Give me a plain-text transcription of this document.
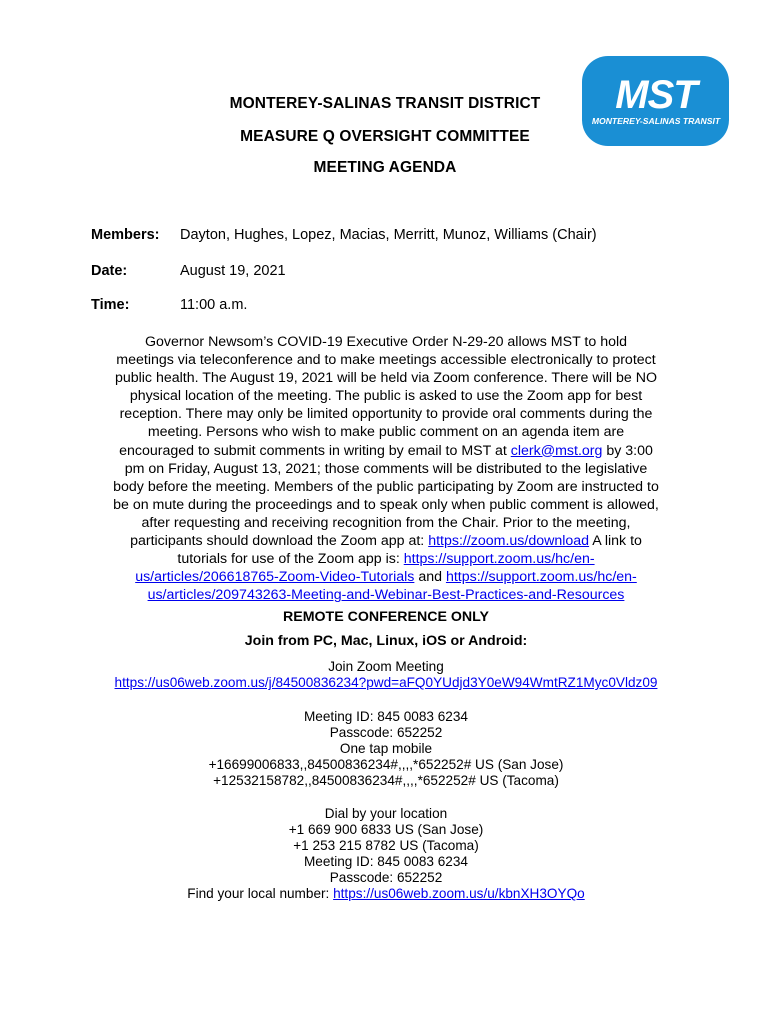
MST
MONTEREY-SALINAS TRANSIT
MONTEREY-SALINAS TRANSIT DISTRICT
MEASURE Q OVERSIGHT COMMITTEE
MEETING AGENDA
Members: Dayton, Hughes, Lopez, Macias, Merritt, Munoz, Williams (Chair)
Date:	August 19, 2021
Time:	11:00 a.m.

Governor Newsom’s COVID-19 Executive Order N-29-20 allows MST to hold

meetings via teleconference and to make meetings accessible electronically to protect

public health. The August 19, 2021 will be held via Zoom conference. There will be NO

physical location of the meeting. The public is asked to use the Zoom app for best

reception. There may only be limited opportunity to provide oral comments during the

meeting. Persons who wish to make public comment on an agenda item are

encouraged to submit comments in writing by email to MST at clerk@mst.org by 3:00

pm on Friday, August 13, 2021; those comments will be distributed to the legislative

body before the meeting. Members of the public participating by Zoom are instructed to

be on mute during the proceedings and to speak only when public comment is allowed,

after requesting and receiving recognition from the Chair. Prior to the meeting,

participants should download the Zoom app at: https://zoom.us/download A link to

tutorials for use of the Zoom app is: https://support.zoom.us/hc/en-

us/articles/206618765-Zoom-Video-Tutorials and https://support.zoom.us/hc/en-

us/articles/209743263-Meeting-and-Webinar-Best-Practices-and-Resources

REMOTE CONFERENCE ONLY
Join from PC, Mac, Linux, iOS or Android:

Join Zoom Meeting

https://us06web.zoom.us/j/84500836234?pwd=aFQ0YUdjd3Y0eW94WmtRZ1Myc0Vldz09

Meeting ID: 845 0083 6234

Passcode: 652252

One tap mobile

+16699006833,,84500836234#,,,,*652252# US (San Jose)

+12532158782,,84500836234#,,,,*652252# US (Tacoma)

Dial by your location

+1 669 900 6833 US (San Jose)

+1 253 215 8782 US (Tacoma)

Meeting ID: 845 0083 6234

Passcode: 652252

Find your local number: https://us06web.zoom.us/u/kbnXH3OYQo
